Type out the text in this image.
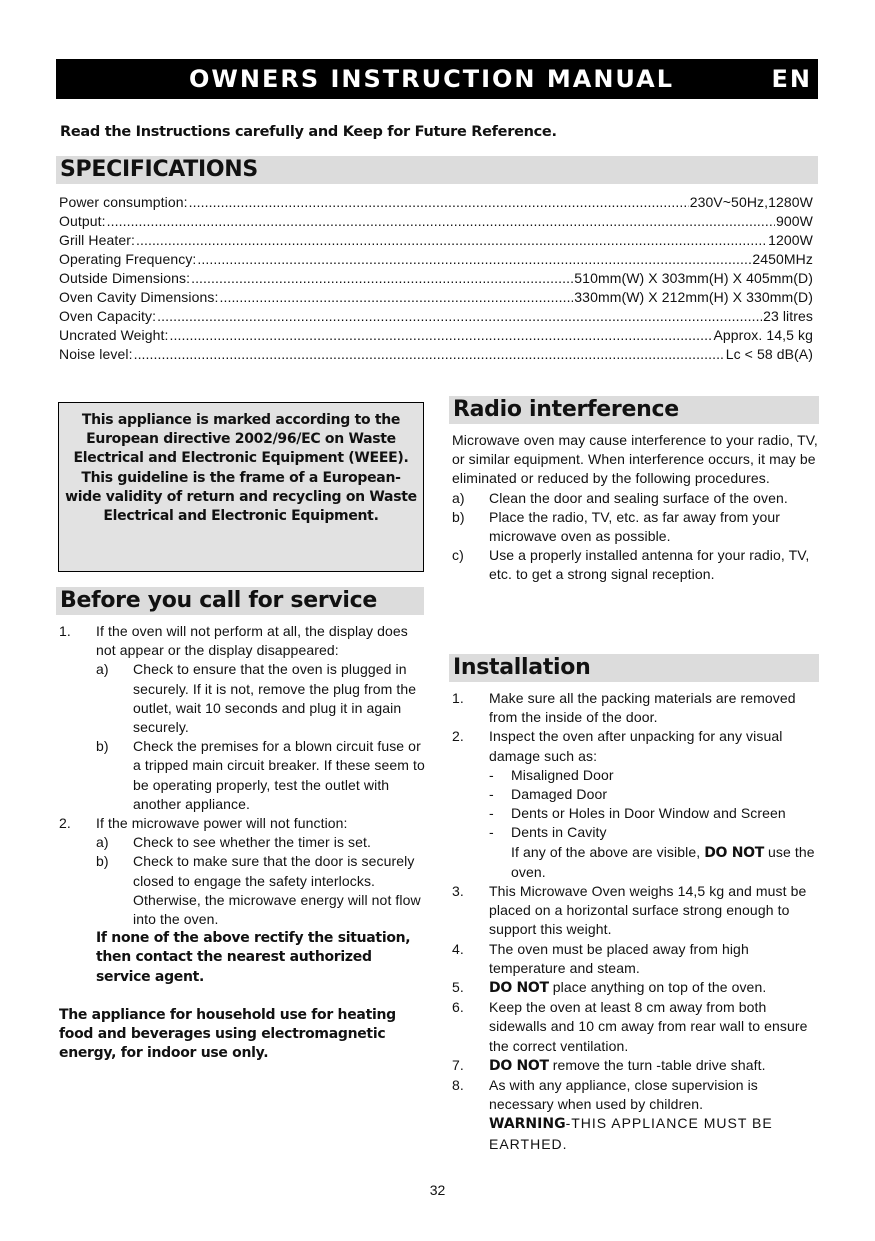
OWNERS INSTRUCTION MANUAL	EN
Read the Instructions carefully and Keep for Future Reference.
SPECIFICATIONS
Power consumption: .....	230V~50Hz,1280W
Output: .....	900W
Grill Heater: .....	1200W
Operating Frequency: .....	2450MHz
Outside Dimensions: .....	510mm(W) X 303mm(H) X 405mm(D)
Oven Cavity Dimensions: .....	330mm(W) X 212mm(H) X 330mm(D)
Oven Capacity: .....	23 litres
Uncrated Weight: .....	Approx. 14,5 kg
Noise level: .....	Lc < 58 dB(A)
This appliance is marked according to the European directive 2002/96/EC on Waste Electrical and Electronic Equipment (WEEE).
This guideline is the frame of a European-wide validity of return and recycling on Waste Electrical and Electronic Equipment.
Before you call for service
1.	If the oven will not perform at all, the display does not appear or the display disappeared:
a)	Check to ensure that the oven is plugged in securely. If it is not, remove the plug from the outlet, wait 10 seconds and plug it in again securely.
b)	Check the premises for a blown circuit fuse or a tripped main circuit breaker. If these seem to be operating properly, test the outlet with another appliance.
2.	If the microwave power will not function:
a)	Check to see whether the timer is set.
b)	Check to make sure that the door is securely closed to engage the safety interlocks. Otherwise, the microwave energy will not flow into the oven.
If none of the above rectify the situation, then contact the nearest authorized service agent.
The appliance for household use for heating food and beverages using electromagnetic energy, for indoor use only.
Radio interference
Microwave oven may cause interference to your radio, TV, or similar equipment. When interference occurs, it may be eliminated or reduced by the following procedures.
a)	Clean the door and sealing surface of the oven.
b)	Place the radio, TV, etc. as far away from your microwave oven as possible.
c)	Use a properly installed antenna for your radio, TV, etc. to get a strong signal reception.
Installation
1.	Make sure all the packing materials are removed from the inside of the door.
2.	Inspect the oven after unpacking for any visual damage such as:
-	Misaligned Door
-	Damaged Door
-	Dents or Holes in Door Window and Screen
-	Dents in Cavity
If any of the above are visible, DO NOT use the oven.
3.	This Microwave Oven weighs 14,5 kg and must be placed on a horizontal surface strong enough to support this weight.
4.	The oven must be placed away from high temperature and steam.
5.	DO NOT place anything on top of the oven.
6.	Keep the oven at least 8 cm away from both sidewalls and 10 cm away from rear wall to ensure the correct ventilation.
7.	DO NOT remove the turn -table drive shaft.
8.	As with any appliance, close supervision is necessary when used by children.
WARNING-THIS APPLIANCE MUST BE EARTHED.
32
